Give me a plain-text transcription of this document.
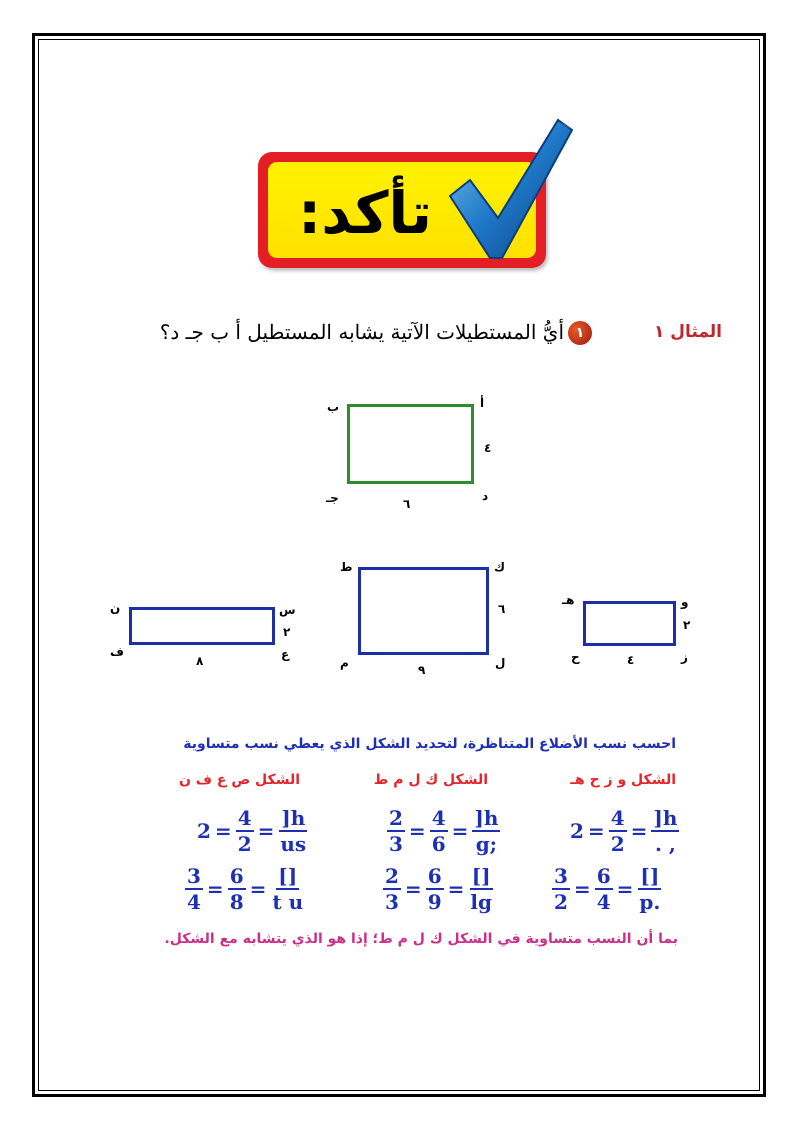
تأكد:
المثال ١
١
أيُّ المستطيلات الآتية يشابه المستطيل أ ب جـ د؟
أ
ب
جـ	د
٤
٦
و
هـ
ح	ز
٢
٤
ك
ط
م	ل
٦
٩
س
ن
ف	ع
٢
٨
احسب نسب الأضلاع المتناظرة، لتحديد الشكل الذي يعطي نسب متساوية
الشكل و ز ح هـ
الشكل ك ل م ط
الشكل ص ع ف ن
$2 = \frac{4}{2} = \frac{]h}{us}$	$\frac{2}{3} = \frac{4}{6} = \frac{]h}{g;}$	$2 = \frac{4}{2} = \frac{]h}{. ,}$
$\frac{3}{4} = \frac{6}{8} = \frac{[]}{\text{t u}}$	$\frac{2}{3} = \frac{6}{9} = \frac{[]}{\lg}$	$\frac{3}{2} = \frac{6}{4} = \frac{[]}{p.}$
بما أن النسب متساوية في الشكل ك ل م ط؛ إذا هو الذي يتشابه مع الشكل.
